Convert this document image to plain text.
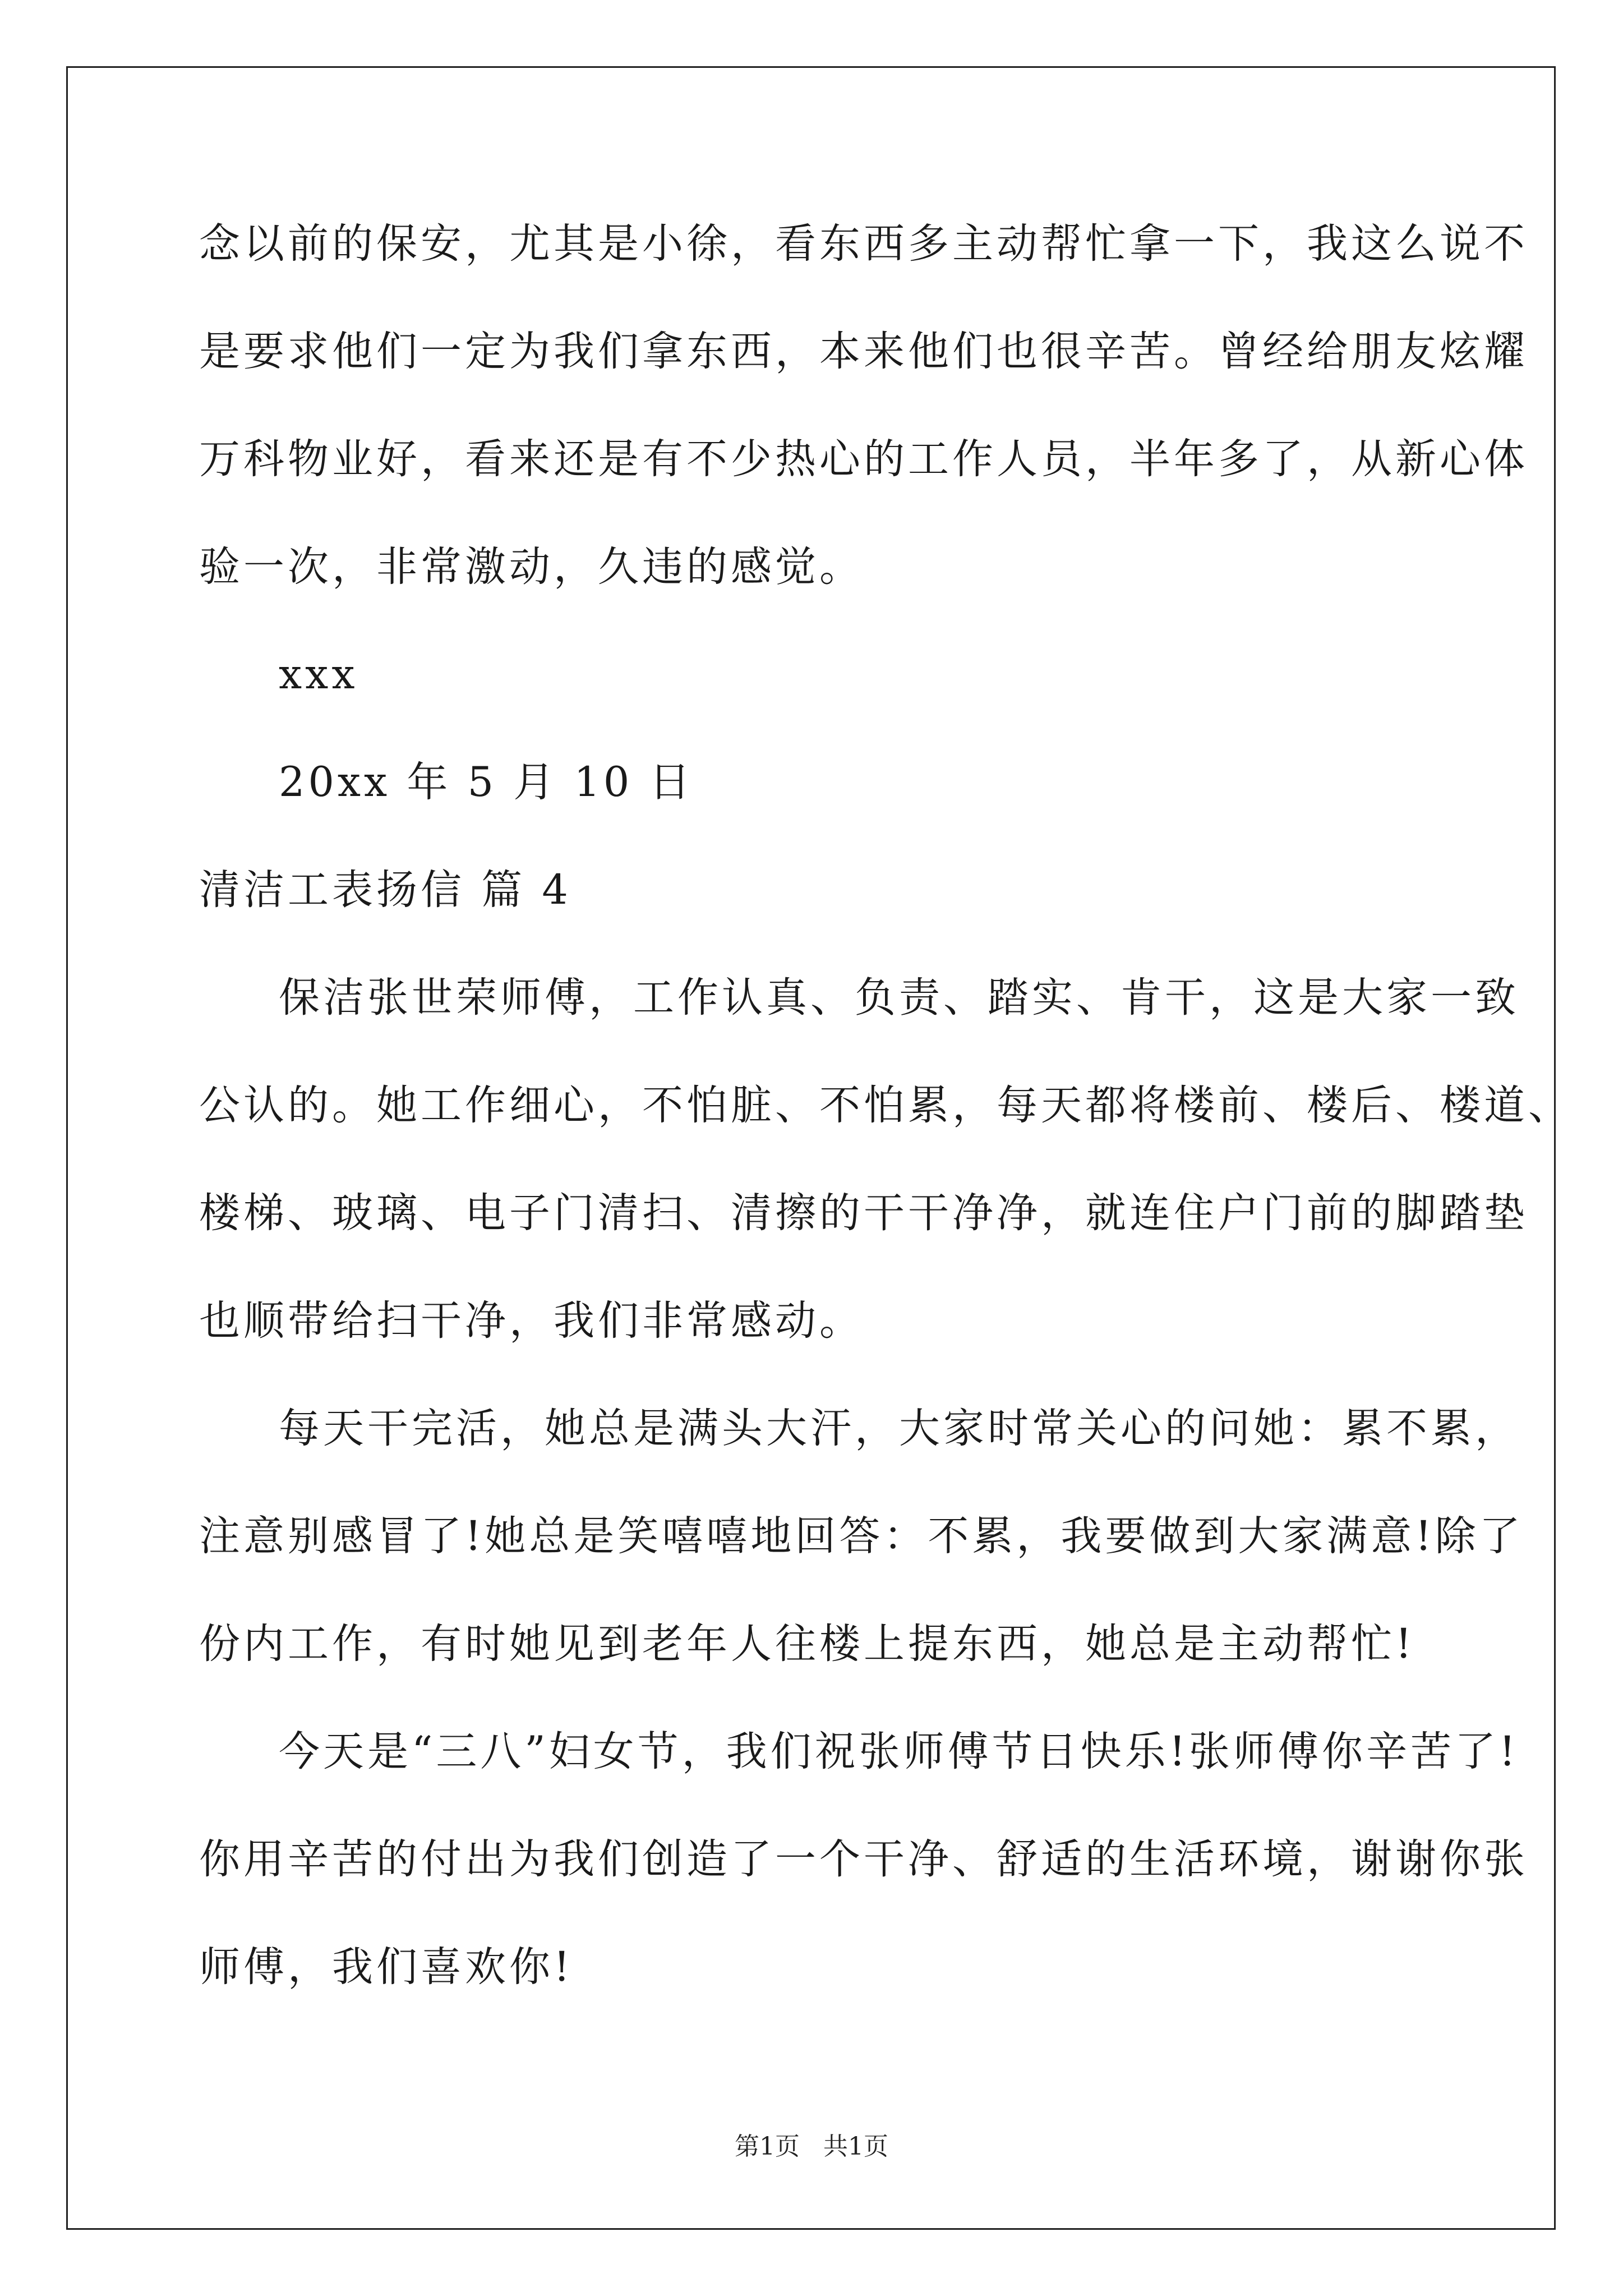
念以前的保安，尤其是小徐，看东西多主动帮忙拿一下，我这么说不
是要求他们一定为我们拿东西，本来他们也很辛苦。曾经给朋友炫耀
万科物业好，看来还是有不少热心的工作人员，半年多了，从新心体
验一次，非常激动，久违的感觉。
xxx
20xx 年 5 月 10 日
清洁工表扬信 篇 4
保洁张世荣师傅，工作认真、负责、踏实、肯干，这是大家一致
公认的。她工作细心，不怕脏、不怕累，每天都将楼前、楼后、楼道、
楼梯、玻璃、电子门清扫、清擦的干干净净，就连住户门前的脚踏垫
也顺带给扫干净，我们非常感动。
每天干完活，她总是满头大汗，大家时常关心的问她：累不累，
注意别感冒了!她总是笑嘻嘻地回答：不累，我要做到大家满意!除了
份内工作，有时她见到老年人往楼上提东西，她总是主动帮忙!
今天是“三八”妇女节，我们祝张师傅节日快乐!张师傅你辛苦了!
你用辛苦的付出为我们创造了一个干净、舒适的生活环境，谢谢你张
师傅，我们喜欢你!
第1页 共1页
